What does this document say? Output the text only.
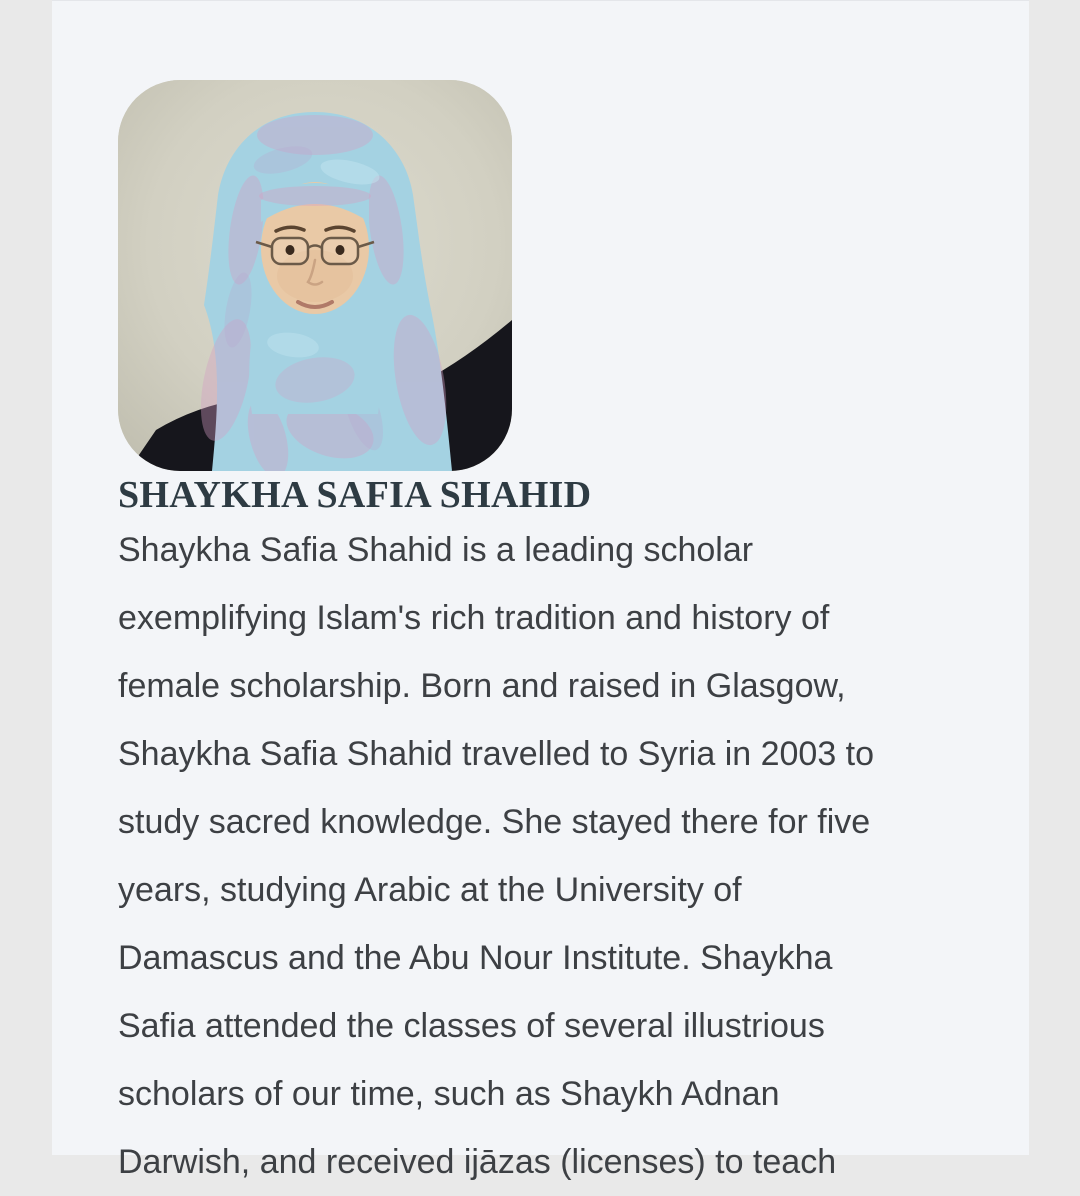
SHAYKHA SAFIA SHAHID
Shaykha Safia Shahid is a leading scholar
exemplifying Islam's rich tradition and history of
female scholarship. Born and raised in Glasgow,
Shaykha Safia Shahid travelled to Syria in 2003 to
study sacred knowledge. She stayed there for five
years, studying Arabic at the University of
Damascus and the Abu Nour Institute. Shaykha
Safia attended the classes of several illustrious
scholars of our time, such as Shaykh Adnan
Darwish, and received ijāzas (licenses) to teach
